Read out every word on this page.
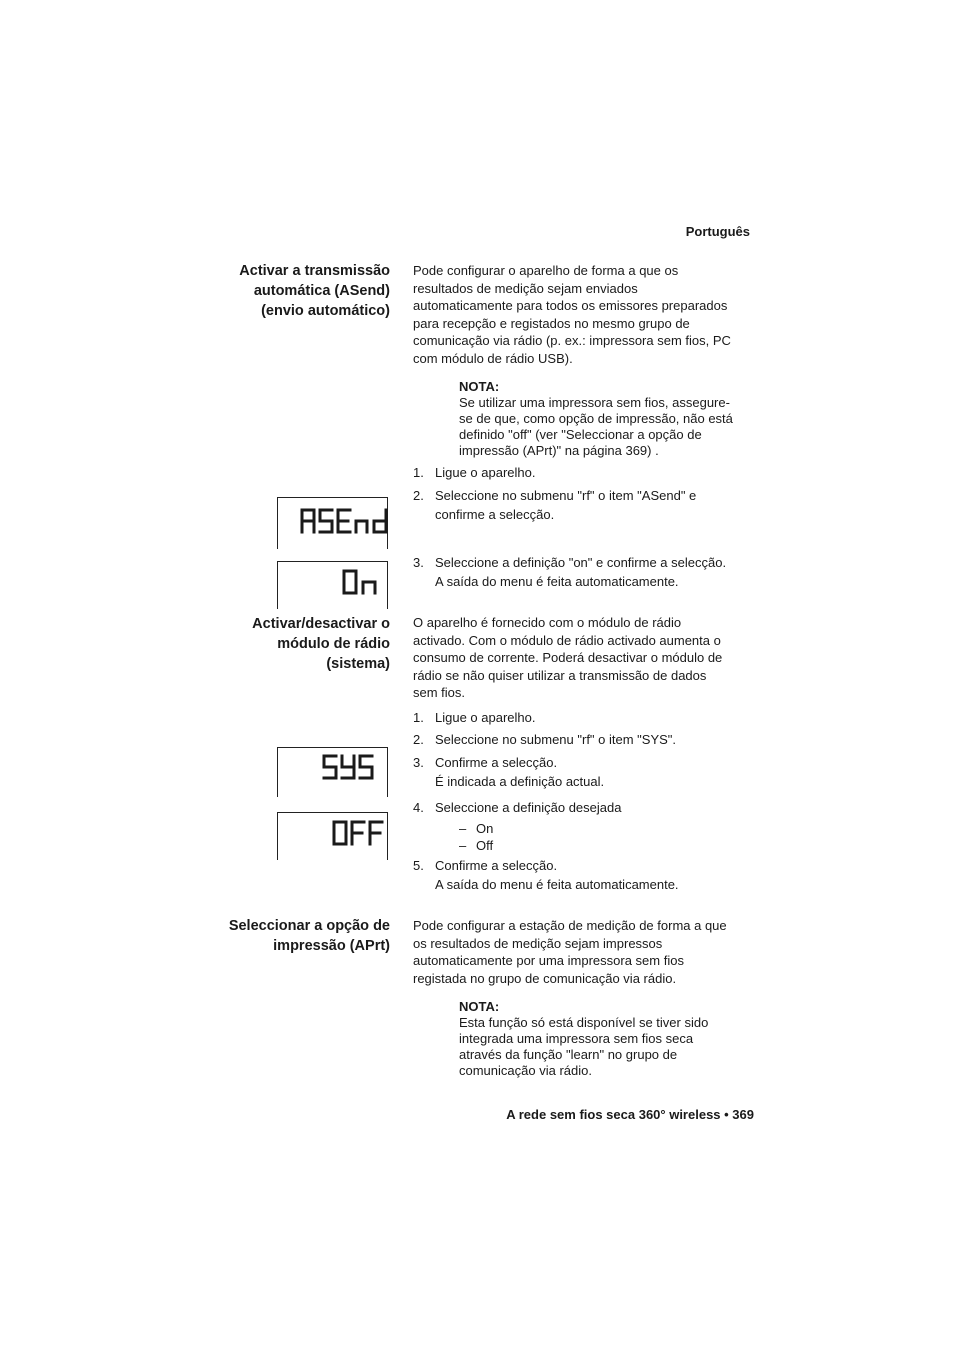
Português
Activar a transmissão
automática (ASend)
(envio automático)
Pode configurar o aparelho de forma a que os
resultados de medição sejam enviados
automaticamente para todos os emissores preparados
para recepção e registados no mesmo grupo de
comunicação via rádio (p. ex.: impressora sem fios, PC
com módulo de rádio USB).
NOTA:
Se utilizar uma impressora sem fios, assegure-
se de que, como opção de impressão, não está
definido "off" (ver "Seleccionar a opção de
impressão (APrt)" na página 369) .
1. Ligue o aparelho.
2. Seleccione no submenu "rf" o item "ASend" e
confirme a selecção.
3. Seleccione a definição "on" e confirme a selecção.
A saída do menu é feita automaticamente.
Activar/desactivar o
módulo de rádio
(sistema)
O aparelho é fornecido com o módulo de rádio
activado. Com o módulo de rádio activado aumenta o
consumo de corrente. Poderá desactivar o módulo de
rádio se não quiser utilizar a transmissão de dados
sem fios.
1. Ligue o aparelho.
2. Seleccione no submenu "rf" o item "SYS".
3. Confirme a selecção.
É indicada a definição actual.
4. Seleccione a definição desejada
– On
– Off
5. Confirme a selecção.
A saída do menu é feita automaticamente.
Seleccionar a opção de
impressão (APrt)
Pode configurar a estação de medição de forma a que
os resultados de medição sejam impressos
automaticamente por uma impressora sem fios
registada no grupo de comunicação via rádio.
NOTA:
Esta função só está disponível se tiver sido
integrada uma impressora sem fios seca
através da função "learn" no grupo de
comunicação via rádio.
A rede sem fios seca 360° wireless • 369
